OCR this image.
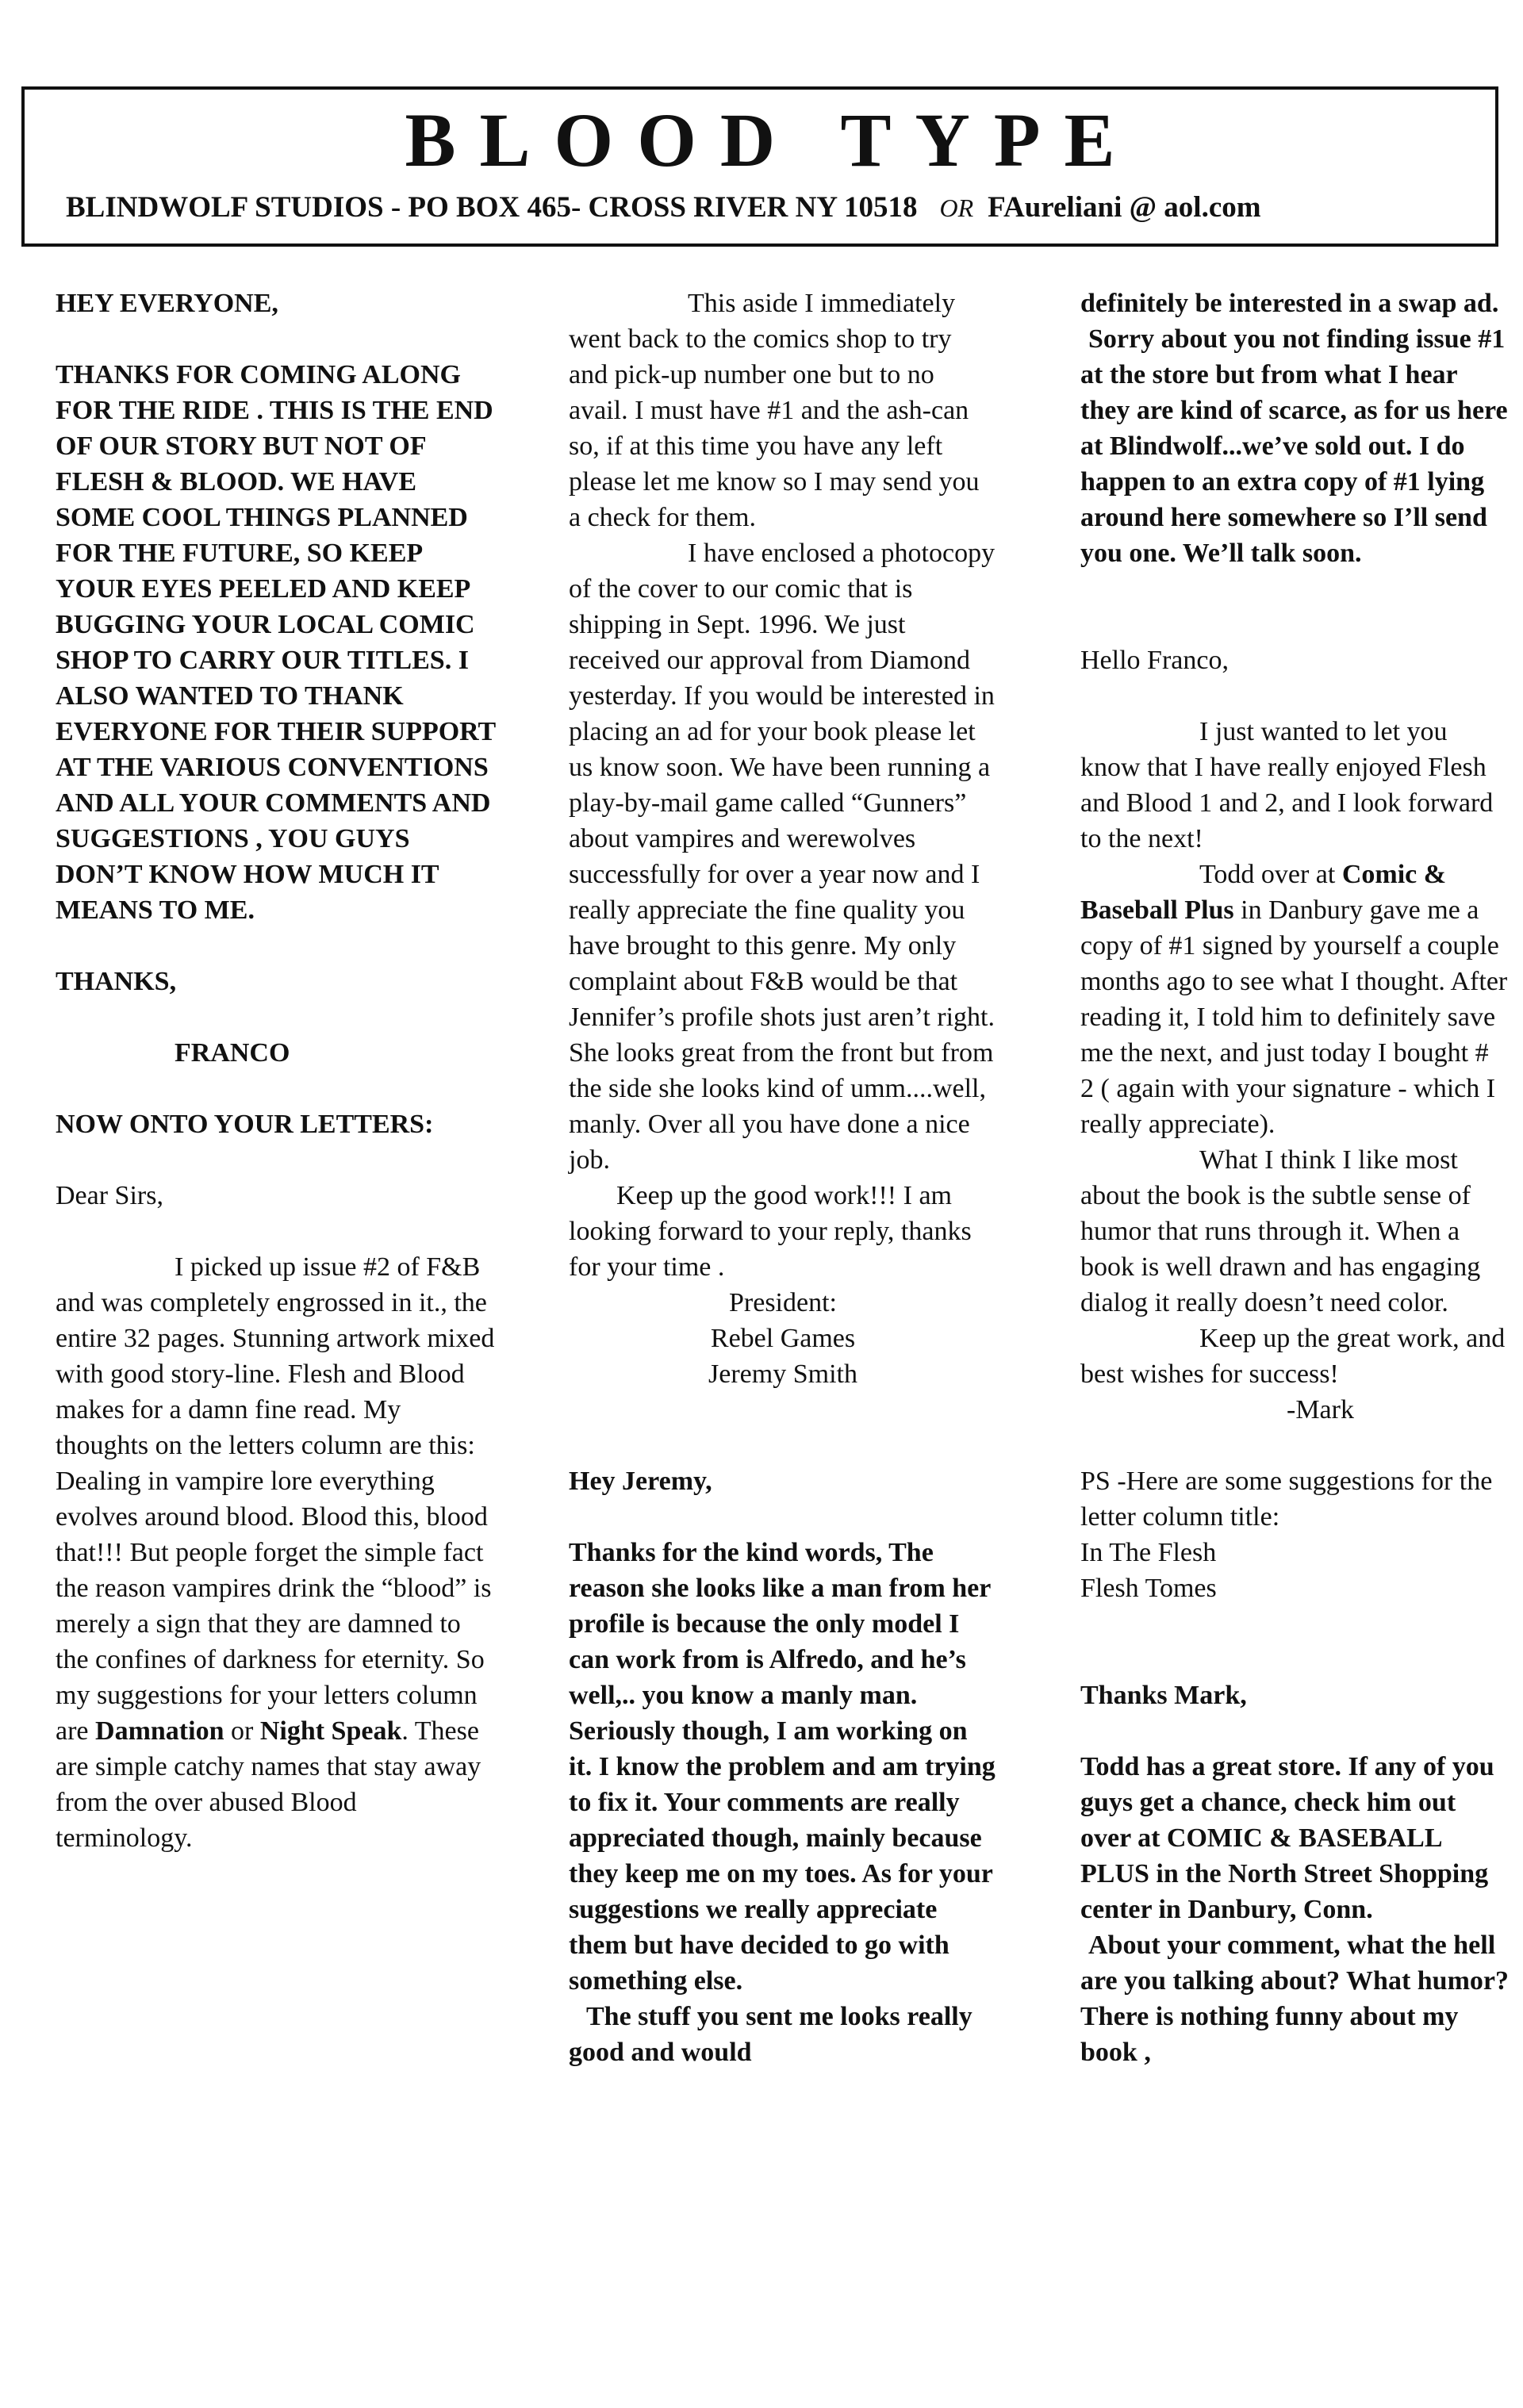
BLOOD TYPE
BLINDWOLF STUDIOS - PO BOX 465- CROSS RIVER NY 10518 OR FAureliani @ aol.com

HEY EVERYONE,

THANKS FOR COMING ALONG FOR THE RIDE . THIS IS THE END OF OUR STORY BUT NOT OF FLESH & BLOOD. WE HAVE SOME COOL THINGS PLANNED FOR THE FUTURE, SO KEEP YOUR EYES PEELED AND KEEP BUGGING YOUR LOCAL COMIC SHOP TO CARRY OUR TITLES. I ALSO WANTED TO THANK EVERYONE FOR THEIR SUPPORT AT THE VARIOUS CONVENTIONS AND ALL YOUR COMMENTS AND SUGGESTIONS , YOU GUYS DON’T KNOW HOW MUCH IT MEANS TO ME.

THANKS,

FRANCO

NOW ONTO YOUR LETTERS:

Dear Sirs,

I picked up issue #2 of F&B and was completely engrossed in it., the entire 32 pages. Stunning artwork mixed with good story-line. Flesh and Blood makes for a damn fine read. My thoughts on the letters column are this:

Dealing in vampire lore everything evolves around blood. Blood this, blood that!!! But people forget the simple fact the reason vampires drink the “blood” is merely a sign that they are damned to the confines of darkness for eternity. So my suggestions for your letters column are Damnation or Night Speak. These are simple catchy names that stay away from the over abused Blood terminology.

This aside I immediately went back to the comics shop to try and pick-up number one but to no avail. I must have #1 and the ash-can so, if at this time you have any left please let me know so I may send you a check for them.

I have enclosed a photocopy of the cover to our comic that is shipping in Sept. 1996. We just received our approval from Diamond yesterday. If you would be interested in placing an ad for your book please let us know soon. We have been running a play-by-mail game called “Gunners” about vampires and werewolves successfully for over a year now and I really appreciate the fine quality you have brought to this genre. My only complaint about F&B would be that Jennifer’s profile shots just aren’t right. She looks great from the front but from the side she looks kind of umm....well, manly. Over all you have done a nice job.

Keep up the good work!!! I am looking forward to your reply, thanks for your time .

President:

Rebel Games

Jeremy Smith

Hey Jeremy,

Thanks for the kind words, The reason she looks like a man from her profile is because the only model I can work from is Alfredo, and he’s well,.. you know a manly man. Seriously though, I am working on it. I know the problem and am trying to fix it. Your comments are really appreciated though, mainly because they keep me on my toes. As for your suggestions we really appreciate them but have decided to go with something else.

The stuff you sent me looks really good and would

definitely be interested in a swap ad.

Sorry about you not finding issue #1 at the store but from what I hear they are kind of scarce, as for us here at Blindwolf...we’ve sold out. I do happen to an extra copy of #1 lying around here somewhere so I’ll send you one. We’ll talk soon.

Hello Franco,

I just wanted to let you know that I have really enjoyed Flesh and Blood 1 and 2, and I look forward to the next!

Todd over at Comic & Baseball Plus in Danbury gave me a copy of #1 signed by yourself a couple months ago to see what I thought. After reading it, I told him to definitely save me the next, and just today I bought # 2 ( again with your signature - which I really appreciate).

What I think I like most about the book is the subtle sense of humor that runs through it. When a book is well drawn and has engaging dialog it really doesn’t need color.

Keep up the great work, and best wishes for success!

-Mark

PS -Here are some suggestions for the letter column title:

In The Flesh

Flesh Tomes

Thanks Mark,

Todd has a great store. If any of you guys get a chance, check him out over at COMIC & BASEBALL PLUS in the North Street Shopping center in Danbury, Conn.

About your comment, what the hell are you talking about? What humor? There is nothing funny about my book ,
